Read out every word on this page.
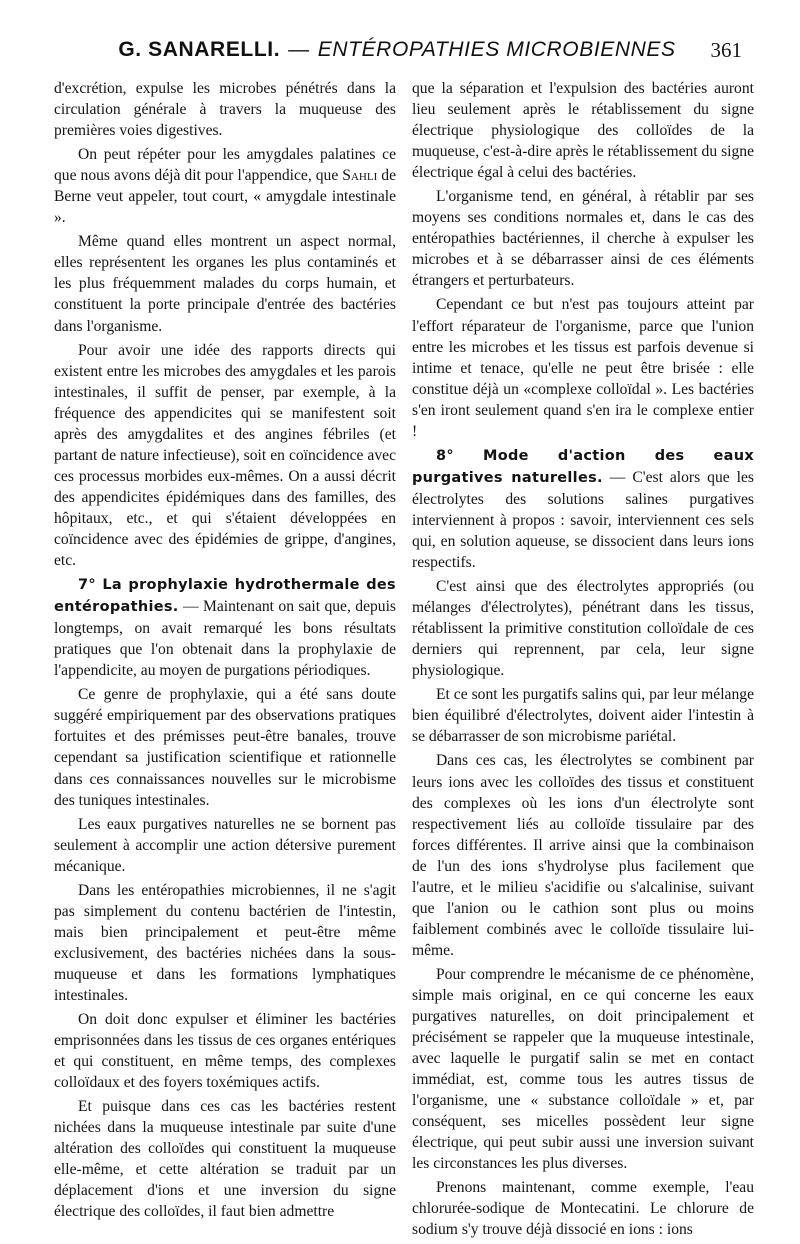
G. SANARELLI. — ENTÉROPATHIES MICROBIENNES	361

d'excrétion, expulse les microbes pénétrés dans la circulation générale à travers la muqueuse des premières voies digestives.

On peut répéter pour les amygdales palatines ce que nous avons déjà dit pour l'appendice, que Sahli de Berne veut appeler, tout court, « amygdale intestinale ».

Même quand elles montrent un aspect normal, elles représentent les organes les plus contaminés et les plus fréquemment malades du corps humain, et constituent la porte principale d'entrée des bactéries dans l'organisme.

Pour avoir une idée des rapports directs qui existent entre les microbes des amygdales et les parois intestinales, il suffit de penser, par exemple, à la fréquence des appendicites qui se manifestent soit après des amygdalites et des angines fébriles (et partant de nature infectieuse), soit en coïncidence avec ces processus morbides eux-mêmes. On a aussi décrit des appendicites épidémiques dans des familles, des hôpitaux, etc., et qui s'étaient développées en coïncidence avec des épidémies de grippe, d'angines, etc.

7° La prophylaxie hydrothermale des entéropathies. — Maintenant on sait que, depuis longtemps, on avait remarqué les bons résultats pratiques que l'on obtenait dans la prophylaxie de l'appendicite, au moyen de purgations périodiques.

Ce genre de prophylaxie, qui a été sans doute suggéré empiriquement par des observations pratiques fortuites et des prémisses peut-être banales, trouve cependant sa justification scientifique et rationnelle dans ces connaissances nouvelles sur le microbisme des tuniques intestinales.

Les eaux purgatives naturelles ne se bornent pas seulement à accomplir une action détersive purement mécanique.

Dans les entéropathies microbiennes, il ne s'agit pas simplement du contenu bactérien de l'intestin, mais bien principalement et peut-être même exclusivement, des bactéries nichées dans la sous-muqueuse et dans les formations lymphatiques intestinales.

On doit donc expulser et éliminer les bactéries emprisonnées dans les tissus de ces organes entériques et qui constituent, en même temps, des complexes colloïdaux et des foyers toxémiques actifs.

Et puisque dans ces cas les bactéries restent nichées dans la muqueuse intestinale par suite d'une altération des colloïdes qui constituent la muqueuse elle-même, et cette altération se traduit par un déplacement d'ions et une inversion du signe électrique des colloïdes, il faut bien admettre

que la séparation et l'expulsion des bactéries auront lieu seulement après le rétablissement du signe électrique physiologique des colloïdes de la muqueuse, c'est-à-dire après le rétablissement du signe électrique égal à celui des bactéries.

L'organisme tend, en général, à rétablir par ses moyens ses conditions normales et, dans le cas des entéropathies bactériennes, il cherche à expulser les microbes et à se débarrasser ainsi de ces éléments étrangers et perturbateurs.

Cependant ce but n'est pas toujours atteint par l'effort réparateur de l'organisme, parce que l'union entre les microbes et les tissus est parfois devenue si intime et tenace, qu'elle ne peut être brisée : elle constitue déjà un «complexe colloïdal ». Les bactéries s'en iront seulement quand s'en ira le complexe entier !

8° Mode d'action des eaux purgatives naturelles. — C'est alors que les électrolytes des solutions salines purgatives interviennent à propos : savoir, interviennent ces sels qui, en solution aqueuse, se dissocient dans leurs ions respectifs.

C'est ainsi que des électrolytes appropriés (ou mélanges d'électrolytes), pénétrant dans les tissus, rétablissent la primitive constitution colloïdale de ces derniers qui reprennent, par cela, leur signe physiologique.

Et ce sont les purgatifs salins qui, par leur mélange bien équilibré d'électrolytes, doivent aider l'intestin à se débarrasser de son microbisme pariétal.

Dans ces cas, les électrolytes se combinent par leurs ions avec les colloïdes des tissus et constituent des complexes où les ions d'un électrolyte sont respectivement liés au colloïde tissulaire par des forces différentes. Il arrive ainsi que la combinaison de l'un des ions s'hydrolyse plus facilement que l'autre, et le milieu s'acidifie ou s'alcalinise, suivant que l'anion ou le cathion sont plus ou moins faiblement combinés avec le colloïde tissulaire lui-même.

Pour comprendre le mécanisme de ce phénomène, simple mais original, en ce qui concerne les eaux purgatives naturelles, on doit principalement et précisément se rappeler que la muqueuse intestinale, avec laquelle le purgatif salin se met en contact immédiat, est, comme tous les autres tissus de l'organisme, une « substance colloïdale » et, par conséquent, ses micelles possèdent leur signe électrique, qui peut subir aussi une inversion suivant les circonstances les plus diverses.

Prenons maintenant, comme exemple, l'eau chlorurée-sodique de Montecatini. Le chlorure de sodium s'y trouve déjà dissocié en ions : ions
